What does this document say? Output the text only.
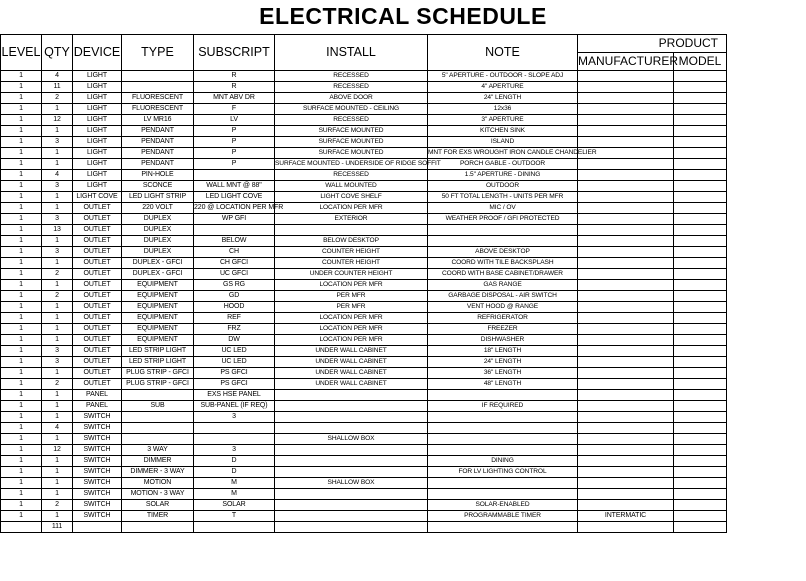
ELECTRICAL SCHEDULE
LEVEL	QTY	DEVICE	TYPE	SUBSCRIPT	INSTALL	NOTE	PRODUCT	
							MANUFACTURER	MODEL
1	4	LIGHT		R	RECESSED	5" APERTURE - OUTDOOR - SLOPE ADJ		
1	11	LIGHT		R	RECESSED	4" APERTURE		
1	2	LIGHT	FLUORESCENT	MNT ABV DR	ABOVE DOOR	24" LENGTH		
1	1	LIGHT	FLUORESCENT	F	SURFACE MOUNTED - CEILING	12x36		
1	12	LIGHT	LV MR16	LV	RECESSED	3" APERTURE		
1	1	LIGHT	PENDANT	P	SURFACE MOUNTED	KITCHEN SINK		
1	3	LIGHT	PENDANT	P	SURFACE MOUNTED	ISLAND		
1	1	LIGHT	PENDANT	P	SURFACE MOUNTED	MNT FOR EXS WROUGHT IRON CANDLE CHANDELIER		
1	1	LIGHT	PENDANT	P	SURFACE MOUNTED - UNDERSIDE OF RIDGE SOFFIT	PORCH GABLE - OUTDOOR		
1	4	LIGHT	PIN-HOLE		RECESSED	1.5" APERTURE - DINING		
1	3	LIGHT	SCONCE	WALL MNT @ 88"	WALL MOUNTED	OUTDOOR		
1	1	LIGHT COVE	LED LIGHT STRIP	LED LIGHT COVE	LIGHT COVE SHELF	50 FT TOTAL LENGTH - UNITS PER MFR		
1	1	OUTLET	220 VOLT	220 @ LOCATION PER MFR	LOCATION PER MFR	MIC / OV		
1	3	OUTLET	DUPLEX	WP GFI	EXTERIOR	WEATHER PROOF / GFI PROTECTED		
1	13	OUTLET	DUPLEX					
1	1	OUTLET	DUPLEX	BELOW	BELOW DESKTOP			
1	3	OUTLET	DUPLEX	CH	COUNTER HEIGHT	ABOVE DESKTOP		
1	1	OUTLET	DUPLEX - GFCI	CH GFCI	COUNTER HEIGHT	COORD WITH TILE BACKSPLASH		
1	2	OUTLET	DUPLEX - GFCI	UC GFCI	UNDER COUNTER HEIGHT	COORD WITH BASE CABINET/DRAWER		
1	1	OUTLET	EQUIPMENT	GS RG	LOCATION PER MFR	GAS RANGE		
1	2	OUTLET	EQUIPMENT	GD	PER MFR	GARBAGE DISPOSAL - AIR SWITCH		
1	1	OUTLET	EQUIPMENT	HOOD	PER MFR	VENT HOOD @ RANGE		
1	1	OUTLET	EQUIPMENT	REF	LOCATION PER MFR	REFRIGERATOR		
1	1	OUTLET	EQUIPMENT	FRZ	LOCATION PER MFR	FREEZER		
1	1	OUTLET	EQUIPMENT	DW	LOCATION PER MFR	DISHWASHER		
1	3	OUTLET	LED STRIP LIGHT	UC LED	UNDER WALL CABINET	18" LENGTH		
1	3	OUTLET	LED STRIP LIGHT	UC LED	UNDER WALL CABINET	24" LENGTH		
1	1	OUTLET	PLUG STRIP - GFCI	PS GFCI	UNDER WALL CABINET	36" LENGTH		
1	2	OUTLET	PLUG STRIP - GFCI	PS GFCI	UNDER WALL CABINET	48" LENGTH		
1	1	PANEL		EXS HSE PANEL				
1	1	PANEL	SUB	SUB-PANEL (IF REQ)		IF REQUIRED		
1	1	SWITCH		3				
1	4	SWITCH						
1	1	SWITCH			SHALLOW BOX			
1	12	SWITCH	3 WAY	3				
1	1	SWITCH	DIMMER	D		DINING		
1	1	SWITCH	DIMMER - 3 WAY	D		FOR LV LIGHTING CONTROL		
1	1	SWITCH	MOTION	M	SHALLOW BOX			
1	1	SWITCH	MOTION - 3 WAY	M				
1	2	SWITCH	SOLAR	SOLAR		SOLAR-ENABLED		
1	1	SWITCH	TIMER	T		PROGRAMMABLE TIMER	INTERMATIC	
	111							
